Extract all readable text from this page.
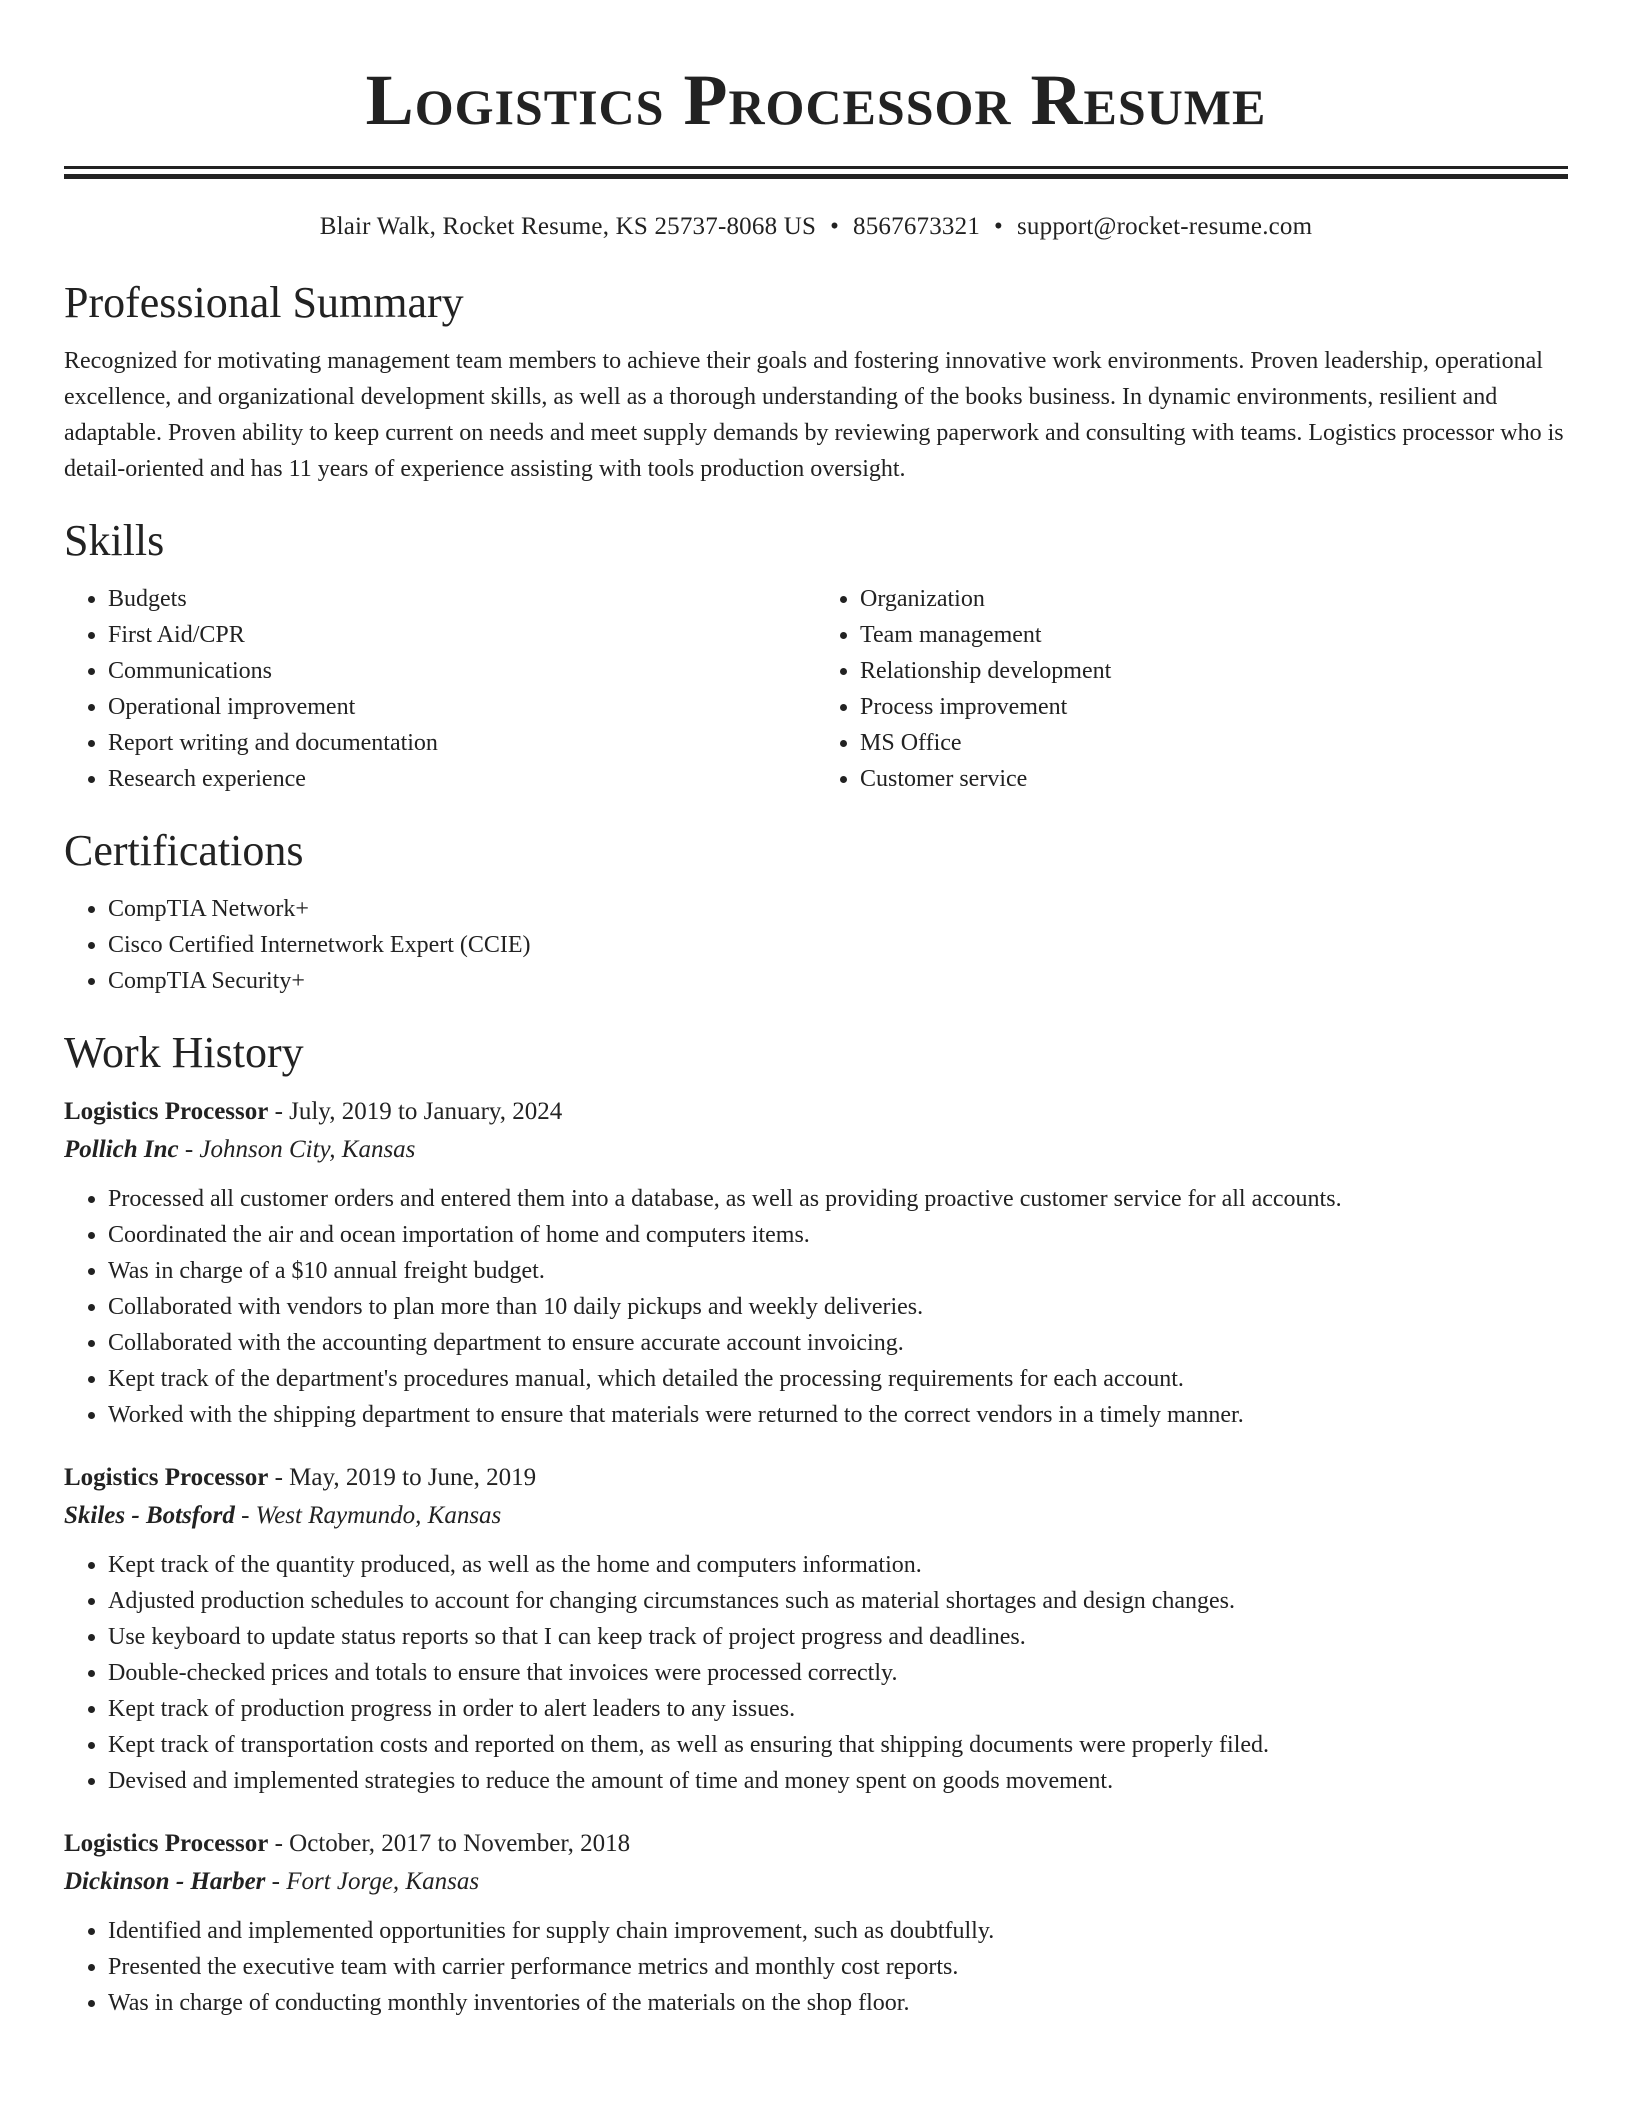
Logistics Processor Resume
Blair Walk, Rocket Resume, KS 25737-8068 US • 8567673321 • support@rocket-resume.com
Professional Summary
Recognized for motivating management team members to achieve their goals and fostering innovative work environments. Proven leadership, operational excellence, and organizational development skills, as well as a thorough understanding of the books business. In dynamic environments, resilient and adaptable. Proven ability to keep current on needs and meet supply demands by reviewing paperwork and consulting with teams. Logistics processor who is detail-oriented and has 11 years of experience assisting with tools production oversight.
Skills
• Budgets
• First Aid/CPR
• Communications
• Operational improvement
• Report writing and documentation
• Research experience
• Organization
• Team management
• Relationship development
• Process improvement
• MS Office
• Customer service
Certifications
• CompTIA Network+
• Cisco Certified Internetwork Expert (CCIE)
• CompTIA Security+
Work History
Logistics Processor - July, 2019 to January, 2024
Pollich Inc - Johnson City, Kansas
• Processed all customer orders and entered them into a database, as well as providing proactive customer service for all accounts.
• Coordinated the air and ocean importation of home and computers items.
• Was in charge of a $10 annual freight budget.
• Collaborated with vendors to plan more than 10 daily pickups and weekly deliveries.
• Collaborated with the accounting department to ensure accurate account invoicing.
• Kept track of the department's procedures manual, which detailed the processing requirements for each account.
• Worked with the shipping department to ensure that materials were returned to the correct vendors in a timely manner.
Logistics Processor - May, 2019 to June, 2019
Skiles - Botsford - West Raymundo, Kansas
• Kept track of the quantity produced, as well as the home and computers information.
• Adjusted production schedules to account for changing circumstances such as material shortages and design changes.
• Use keyboard to update status reports so that I can keep track of project progress and deadlines.
• Double-checked prices and totals to ensure that invoices were processed correctly.
• Kept track of production progress in order to alert leaders to any issues.
• Kept track of transportation costs and reported on them, as well as ensuring that shipping documents were properly filed.
• Devised and implemented strategies to reduce the amount of time and money spent on goods movement.
Logistics Processor - October, 2017 to November, 2018
Dickinson - Harber - Fort Jorge, Kansas
• Identified and implemented opportunities for supply chain improvement, such as doubtfully.
• Presented the executive team with carrier performance metrics and monthly cost reports.
• Was in charge of conducting monthly inventories of the materials on the shop floor.
